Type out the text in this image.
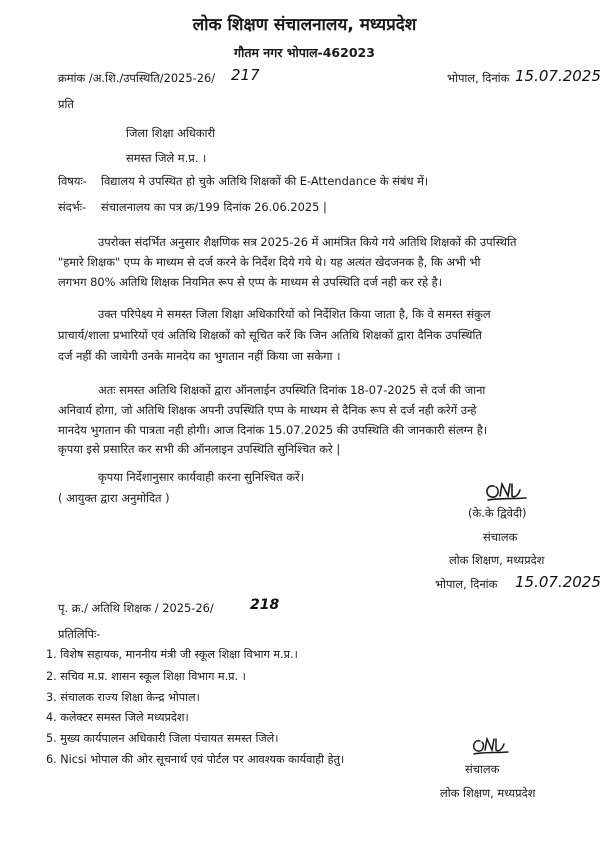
लोक शिक्षण संचालनालय, मध्यप्रदेश
गौतम नगर भोपाल-462023
क्रमांक /अ.शि./उपस्थिति/2025-26/ 217	भोपाल, दिनांक 15.07.2025
प्रति
जिला शिक्षा अधिकारी
समस्त जिले म.प्र. ।
विषयः- विद्यालय मे उपस्थित हो चुके अतिथि शिक्षकों की E-Attendance के संबंध में।
संदर्भः- संचालनालय का पत्र क्र/199 दिनांक 26.06.2025 |
उपरोक्त संदर्भित अनुसार शैक्षणिक सत्र 2025-26 में आमंत्रित किये गये अतिथि शिक्षकों की उपस्थिति
"हमारे शिक्षक" एप्प के माध्यम से दर्ज करने के निर्देश दिये गये थे। यह अत्यंत खेदजनक है, कि अभी भी
लगभग 80% अतिथि शिक्षक नियमित रूप से एप्प के माध्यम से उपस्थिति दर्ज नही कर रहे है।
उक्त परिपेक्ष्य मे समस्त जिला शिक्षा अधिकारियों को निर्देशित किया जाता है, कि वे समस्त संकुल
प्राचार्य/शाला प्रभारियों एवं अतिथि शिक्षकों को सूचित करें कि जिन अतिथि शिक्षकों द्वारा दैनिक उपस्थिति
दर्ज नहीं की जायेगी उनके मानदेय का भुगतान नहीं किया जा सकेगा ।
अतः समस्त अतिथि शिक्षकों द्वारा ऑनलाईन उपस्थिति दिनांक 18-07-2025 से दर्ज की जाना
अनिवार्य होगा, जो अतिथि शिक्षक अपनी उपस्थिति एप्प के माध्यम से दैनिक रूप से दर्ज नही करेगें उन्हे
मानदेय भुगतान की पात्रता नही होगी। आज दिनांक 15.07.2025 की उपस्थिति की जानकारी संलग्न है।
कृपया इसे प्रसारित कर सभी की ऑनलाइन उपस्थिति सुनिश्चित करे |
कृपया निर्देशानुसार कार्यवाही करना सुनिश्चित करें।
( आयुक्त द्वारा अनुमोदित )
(के.के द्विवेदी)
संचालक
लोक शिक्षण, मध्यप्रदेश
भोपाल, दिनांक 15.07.2025
पृ. क्र./ अतिथि शिक्षक / 2025-26/	218
प्रतिलिपिः-
1. विशेष सहायक, माननीय मंत्री जी स्कूल शिक्षा विभाग म.प्र.।
2. सचिव म.प्र. शासन स्कूल शिक्षा विभाग म.प्र. ।
3. संचालक राज्य शिक्षा केन्द्र भोपाल।
4. कलेक्टर समस्त जिले मध्यप्रदेश।
5. मुख्य कार्यपालन अधिकारी जिला पंचायत समस्त जिले।
6. Nicsi भोपाल की ओर सूचनार्थ एवं पोर्टल पर आवश्यक कार्यवाही हेतु।
संचालक
लोक शिक्षण, मध्यप्रदेश
